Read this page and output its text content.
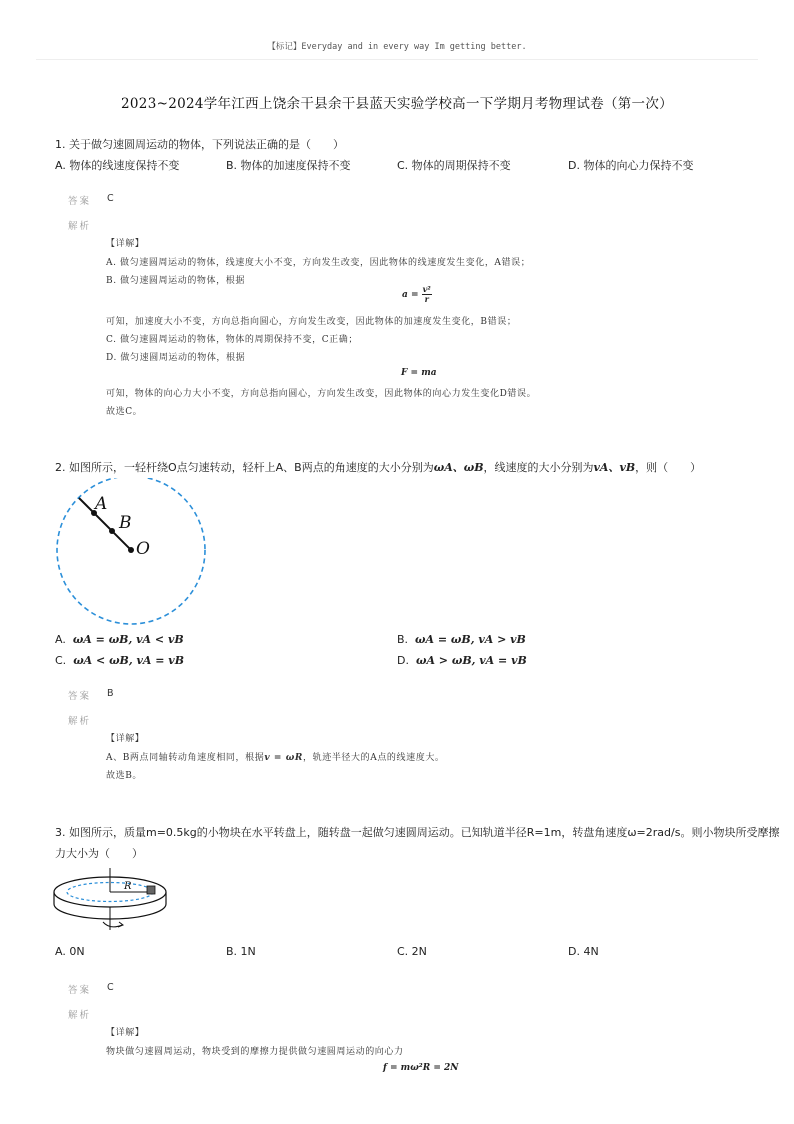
【标记】Everyday and in every way Im getting better.
2023~2024学年江西上饶余干县余干县蓝天实验学校高一下学期月考物理试卷（第一次）
1. 关于做匀速圆周运动的物体，下列说法正确的是（　　）
A. 物体的线速度保持不变	B. 物体的加速度保持不变	C. 物体的周期保持不变	D. 物体的向心力保持不变
答案 C
解析
【详解】
A. 做匀速圆周运动的物体，线速度大小不变，方向发生改变，因此物体的线速度发生变化，A错误；
B. 做匀速圆周运动的物体，根据
$a = \frac{\text{v²}}{r}$
可知，加速度大小不变，方向总指向圆心，方向发生改变，因此物体的加速度发生变化，B错误；
C. 做匀速圆周运动的物体，物体的周期保持不变，C正确；
D. 做匀速圆周运动的物体，根据
F = ma
可知，物体的向心力大小不变，方向总指向圆心，方向发生改变，因此物体的向心力发生变化D错误。
故选C。
2. 如图所示，一轻杆绕O点匀速转动，轻杆上A、B两点的角速度的大小分别为ωA、ωB，线速度的大小分别为vA、vB，则（　　）
A
B
O
A. ωA = ωB, vA < vB	B. ωA = ωB, vA > vB
C. ωA < ωB, vA = vB	D. ωA > ωB, vA = vB
答案 B
解析
【详解】
A、B两点同轴转动角速度相同，根据v = ωR，轨迹半径大的A点的线速度大。
故选B。
3. 如图所示，质量m=0.5kg的小物块在水平转盘上，随转盘一起做匀速圆周运动。已知轨道半径R=1m，转盘角速度ω=2rad/s。则小物块所受摩擦
力大小为（　　）
R
A. 0N	B. 1N	C. 2N	D. 4N
答案 C
解析
【详解】
物块做匀速圆周运动，物块受到的摩擦力提供做匀速圆周运动的向心力
f = mω²R = 2N
